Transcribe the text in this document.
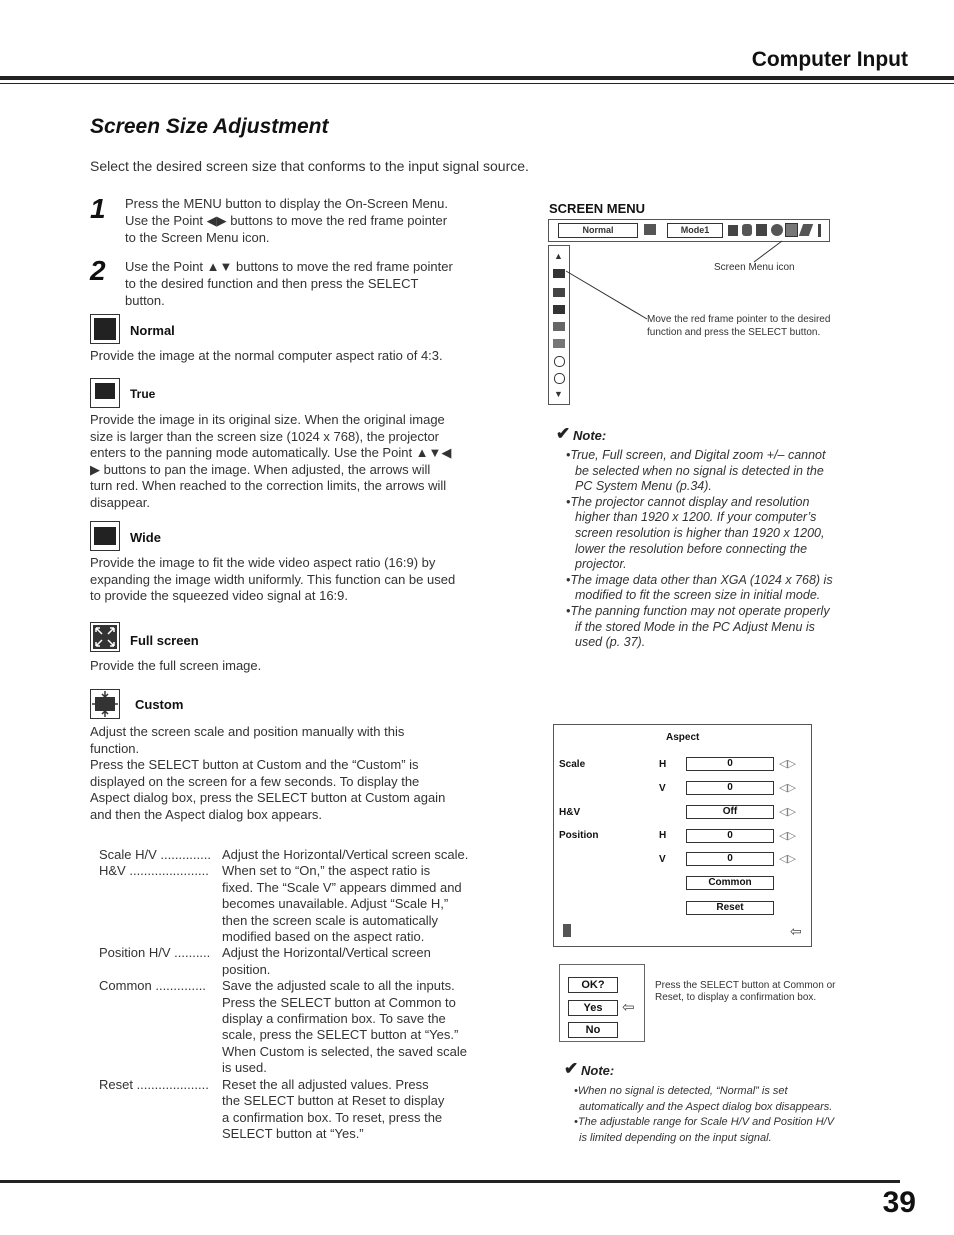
Computer Input
Screen Size Adjustment
Select the desired screen size that conforms to the input signal source.
1 Press the MENU button to display the On-Screen Menu.
Use the Point ◀▶ buttons to move the red frame pointer
to the Screen Menu icon.
2 Use the Point ▲▼ buttons to move the red frame pointer
to the desired function and then press the SELECT
button.
Normal
Provide the image at the normal computer aspect ratio of 4:3.
True
Provide the image in its original size. When the original image
size is larger than the screen size (1024 x 768), the projector
enters to the panning mode automatically. Use the Point ▲▼◀
▶ buttons to pan the image. When adjusted, the arrows will
turn red. When reached to the correction limits, the arrows will
disappear.
Wide
Provide the image to fit the wide video aspect ratio (16:9) by
expanding the image width uniformly. This function can be used
to provide the squeezed video signal at 16:9.
Full screen
Provide the full screen image.
Custom
Adjust the screen scale and position manually with this
function.
Press the SELECT button at Custom and the “Custom” is
displayed on the screen for a few seconds. To display the
Aspect dialog box, press the SELECT button at Custom again
and then the Aspect dialog box appears.
Scale H/V .............. Adjust the Horizontal/Vertical screen scale.
H&V ......................	When set to “On,” the aspect ratio is
fixed. The “Scale V” appears dimmed and
becomes unavailable. Adjust “Scale H,”
then the screen scale is automatically
modified based on the aspect ratio.
Position H/V .......... Adjust the Horizontal/Vertical screen
position.
Common ..............	Save the adjusted scale to all the inputs.
Press the SELECT button at Common to
display a confirmation box. To save the
scale, press the SELECT button at “Yes.”
When Custom is selected, the saved scale
is used.
Reset ....................	Reset the all adjusted values. Press
the SELECT button at Reset to display
a confirmation box. To reset, press the
SELECT button at “Yes.”
SCREEN MENU
Normal	Mode1
▲
▼
Screen Menu icon
Move the red frame pointer to the desired
function and press the SELECT button.
✔ Note:
•True, Full screen, and Digital zoom +/– cannot
be selected when no signal is detected in the
PC System Menu (p.34).
•The projector cannot display and resolution
higher than 1920 x 1200. If your computer’s
screen resolution is higher than 1920 x 1200,
lower the resolution before connecting the
projector.
•The image data other than XGA (1024 x 768) is
modified to fit the screen size in initial mode.
•The panning function may not operate properly
if the stored Mode in the PC Adjust Menu is
used (p. 37).
Aspect
Scale	H	0	◁▷
V	0	◁▷
H&V	Off	◁▷
Position	H	0	◁▷
V	0	◁▷
Common
Reset
⇦
OK?
Yes	⇦
No
Press the SELECT button at Common or
Reset, to display a confirmation box.
✔ Note:
•When no signal is detected, “Normal” is set
automatically and the Aspect dialog box disappears.
•The adjustable range for Scale H/V and Position H/V
is limited depending on the input signal.
39
